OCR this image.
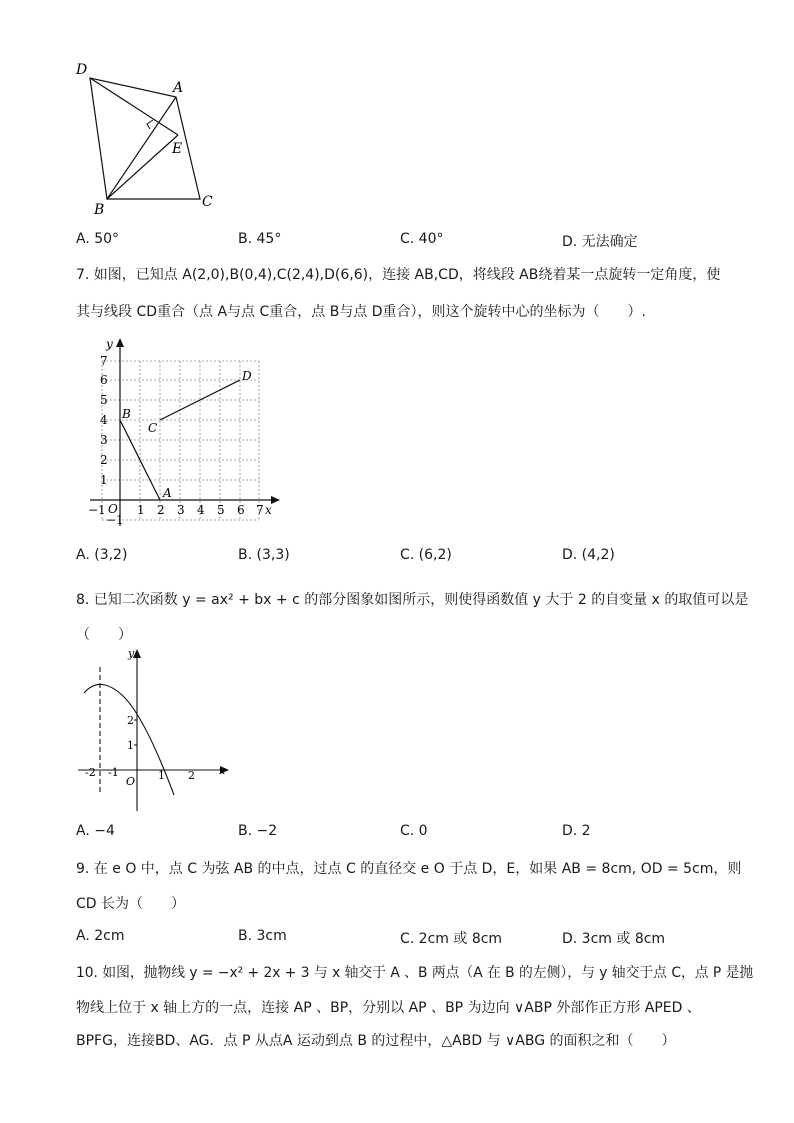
D
A
E
B	C
A. 50°	B. 45°	C. 40°	D. 无法确定
7. 如图，已知点 A(2,0),B(0,4),C(2,4),D(6,6)，连接 AB,CD，将线段 AB绕着某一点旋转一定角度，使
其与线段 CD重合（点 A与点 C重合，点 B与点 D重合），则这个旋转中心的坐标为（　　）.
y
x
O
7
6
5
4
3
2
1
1 2 3 4 5 6 7
−1
−1
B
C
A
D
A. (3,2)	B. (3,3)	C. (6,2)	D. (4,2)
8. 已知二次函数 y = ax² + bx + c 的部分图象如图所示，则使得函数值 y 大于 2 的自变量 x 的取值可以是
（　　）
y
x
O
-2 -1	1 2
1
2
A. −4	B. −2	C. 0	D. 2
9. 在 e O 中，点 C 为弦 AB 的中点，过点 C 的直径交 e O 于点 D，E，如果 AB = 8cm, OD = 5cm，则
CD 长为（　　）
A. 2cm	B. 3cm	C. 2cm 或 8cm	D. 3cm 或 8cm
10. 如图，抛物线 y = −x² + 2x + 3 与 x 轴交于 A 、B 两点（A 在 B 的左侧），与 y 轴交于点 C，点 P 是抛
物线上位于 x 轴上方的一点，连接 AP 、BP，分别以 AP 、BP 为边向 ∨ABP 外部作正方形 APED 、
BPFG，连接BD、AG．点 P 从点A 运动到点 B 的过程中，△ABD 与 ∨ABG 的面积之和（　　）
